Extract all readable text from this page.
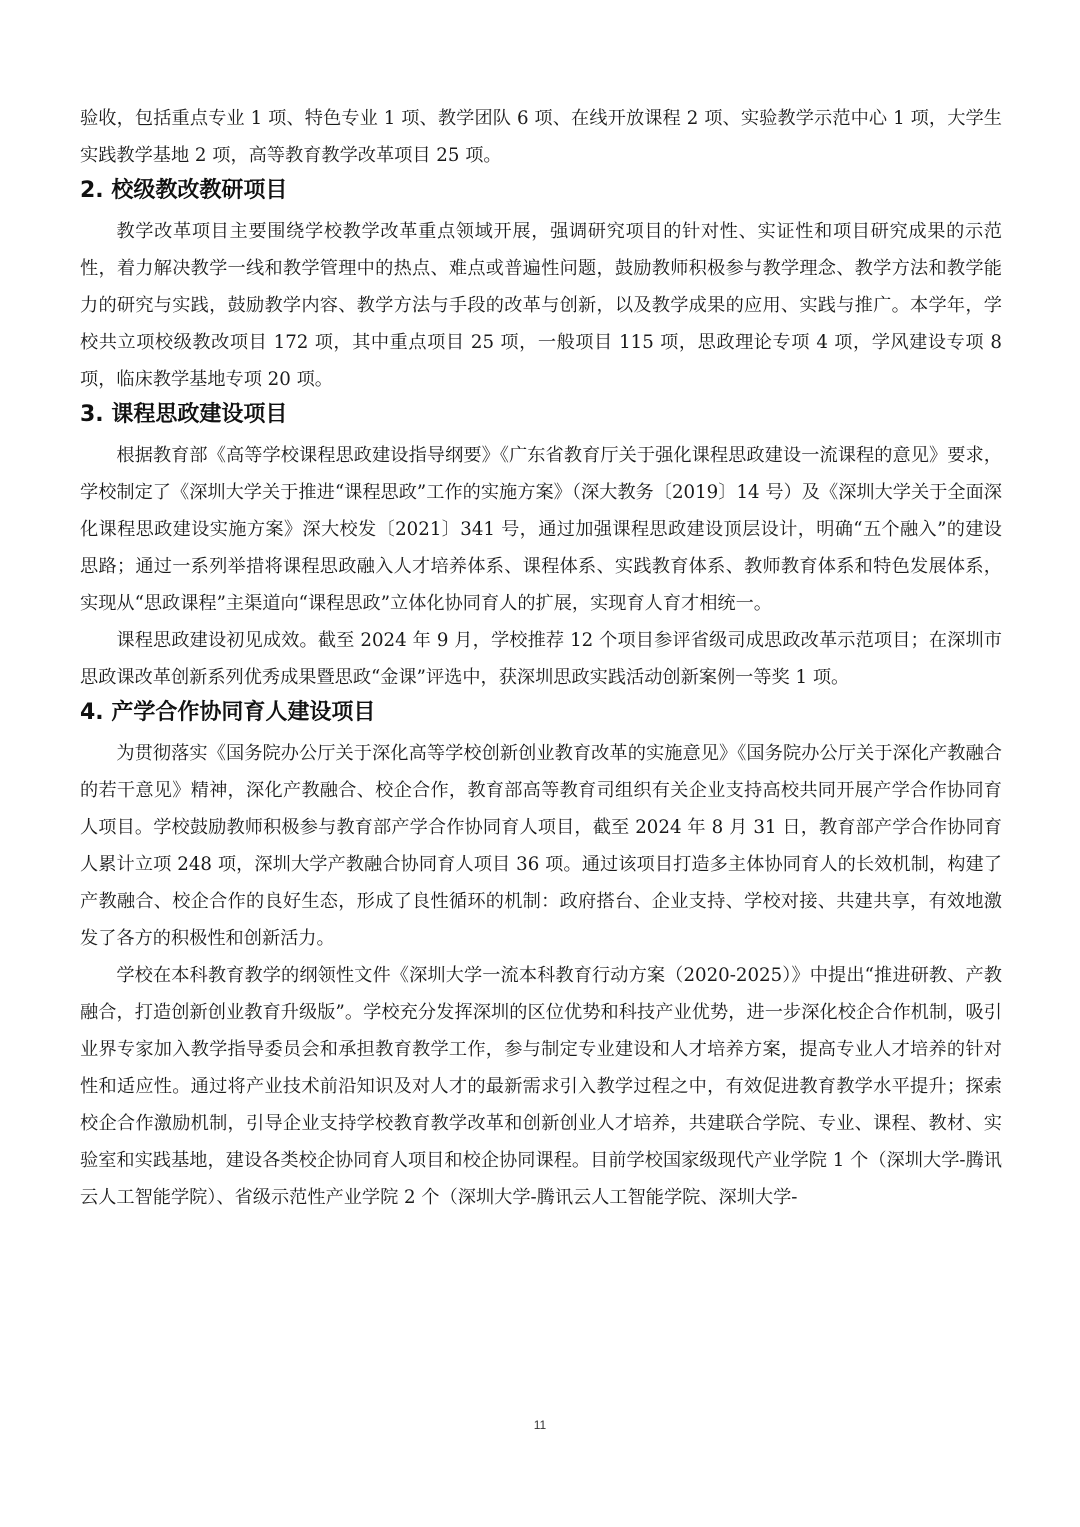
验收，包括重点专业 1 项、特色专业 1 项、教学团队 6 项、在线开放课程 2 项、实验教学示范中心 1 项，大学生实践教学基地 2 项，高等教育教学改革项目 25 项。

2. 校级教改教研项目

教学改革项目主要围绕学校教学改革重点领域开展，强调研究项目的针对性、实证性和项目研究成果的示范性，着力解决教学一线和教学管理中的热点、难点或普遍性问题，鼓励教师积极参与教学理念、教学方法和教学能力的研究与实践，鼓励教学内容、教学方法与手段的改革与创新，以及教学成果的应用、实践与推广。本学年，学校共立项校级教改项目 172 项，其中重点项目 25 项，一般项目 115 项，思政理论专项 4 项，学风建设专项 8 项，临床教学基地专项 20 项。

3. 课程思政建设项目

根据教育部《高等学校课程思政建设指导纲要》《广东省教育厅关于强化课程思政建设一流课程的意见》要求，学校制定了《深圳大学关于推进“课程思政”工作的实施方案》（深大教务〔2019〕14 号）及《深圳大学关于全面深化课程思政建设实施方案》深大校发〔2021〕341 号，通过加强课程思政建设顶层设计，明确“五个融入”的建设思路；通过一系列举措将课程思政融入人才培养体系、课程体系、实践教育体系、教师教育体系和特色发展体系，实现从“思政课程”主渠道向“课程思政”立体化协同育人的扩展，实现育人育才相统一。

课程思政建设初见成效。截至 2024 年 9 月，学校推荐 12 个项目参评省级司成思政改革示范项目；在深圳市思政课改革创新系列优秀成果暨思政“金课”评选中，获深圳思政实践活动创新案例一等奖 1 项。

4. 产学合作协同育人建设项目

为贯彻落实《国务院办公厅关于深化高等学校创新创业教育改革的实施意见》《国务院办公厅关于深化产教融合的若干意见》精神，深化产教融合、校企合作，教育部高等教育司组织有关企业支持高校共同开展产学合作协同育人项目。学校鼓励教师积极参与教育部产学合作协同育人项目，截至 2024 年 8 月 31 日，教育部产学合作协同育人累计立项 248 项，深圳大学产教融合协同育人项目 36 项。通过该项目打造多主体协同育人的长效机制，构建了产教融合、校企合作的良好生态，形成了良性循环的机制：政府搭台、企业支持、学校对接、共建共享，有效地激发了各方的积极性和创新活力。

学校在本科教育教学的纲领性文件《深圳大学一流本科教育行动方案（2020-2025）》中提出“推进研教、产教融合，打造创新创业教育升级版”。学校充分发挥深圳的区位优势和科技产业优势，进一步深化校企合作机制，吸引业界专家加入教学指导委员会和承担教育教学工作，参与制定专业建设和人才培养方案，提高专业人才培养的针对性和适应性。通过将产业技术前沿知识及对人才的最新需求引入教学过程之中，有效促进教育教学水平提升；探索校企合作激励机制，引导企业支持学校教育教学改革和创新创业人才培养，共建联合学院、专业、课程、教材、实验室和实践基地，建设各类校企协同育人项目和校企协同课程。目前学校国家级现代产业学院 1 个（深圳大学-腾讯云人工智能学院）、省级示范性产业学院 2 个（深圳大学-腾讯云人工智能学院、深圳大学-

11
